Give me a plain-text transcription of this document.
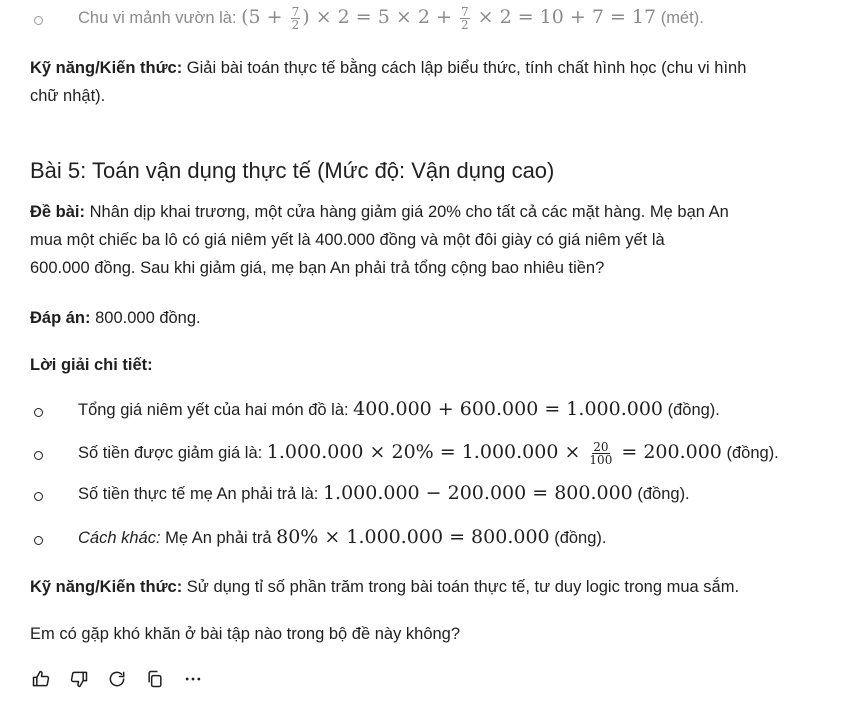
Chu vi mảnh vườn là: ($5 + \frac{7}{2}$ ) × $2 = 5 \times 2 + \frac{7}{2} \times 2 = 10 + 7 = 17$ (mét).
Kỹ năng/Kiến thức: Giải bài toán thực tế bằng cách lập biểu thức, tính chất hình học (chu vi hình
chữ nhật).
Bài 5: Toán vận dụng thực tế (Mức độ: Vận dụng cao)
Đề bài: Nhân dịp khai trương, một cửa hàng giảm giá 20% cho tất cả các mặt hàng. Mẹ bạn An
mua một chiếc ba lô có giá niêm yết là 400.000 đồng và một đôi giày có giá niêm yết là
600.000 đồng. Sau khi giảm giá, mẹ bạn An phải trả tổng cộng bao nhiêu tiền?
Đáp án: 800.000 đồng.
Lời giải chi tiết:
Tổng giá niêm yết của hai món đồ là: 400.000 + 600.000 = 1.000.000 (đồng).
Số tiền được giảm giá là: $1.000.000 \times 20\% = 1.000.000 \times \frac{20}{100} = 200.000$ (đồng).
Số tiền thực tế mẹ An phải trả là: 1.000.000 − 200.000 = 800.000 (đồng).
Cách khác: Mẹ An phải trả 80% × 1.000.000 = 800.000 (đồng).
Kỹ năng/Kiến thức: Sử dụng tỉ số phần trăm trong bài toán thực tế, tư duy logic trong mua sắm.
Em có gặp khó khăn ở bài tập nào trong bộ đề này không?
